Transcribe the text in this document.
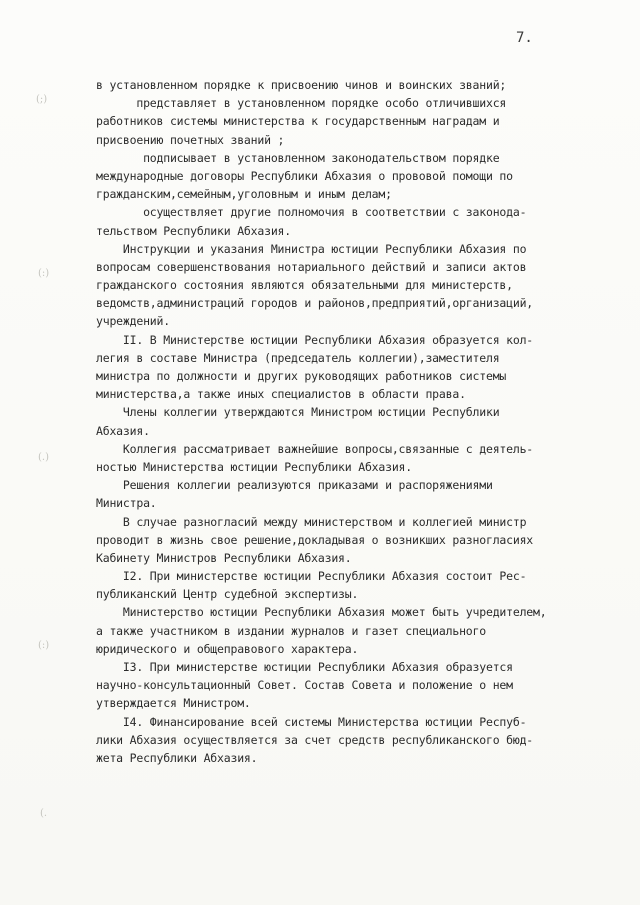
7.
(;)
(:)
(.)
(:)
(.
в установленном порядке к присвоению чинов и воинских званий;
представляет в установленном порядке особо отличившихся
работников системы министерства к государственным наградам и
присвоению почетных званий ;
подписывает в установленном законодательством порядке
международные договоры Республики Абхазия о прововой помощи по
гражданским,семейным,уголовным и иным делам;
осуществляет другие полномочия в соответствии с законода-
тельством Республики Абхазия.
Инструкции и указания Министра юстиции Республики Абхазия по
вопросам совершенствования нотариального действий и записи актов
гражданского состояния являются обязательными для министерств,
ведомств,администраций городов и районов,предприятий,организаций,
учреждений.
II. В Министерстве юстиции Республики Абхазия образуется кол-
легия в составе Министра (председатель коллегии),заместителя
министра по должности и других руководящих работников системы
министерства,а также иных специалистов в области права.
Члены коллегии утверждаются Министром юстиции Республики
Абхазия.
Коллегия рассматривает важнейшие вопросы,связанные с деятель-
ностью Министерства юстиции Республики Абхазия.
Решения коллегии реализуются приказами и распоряжениями
Министра.
В случае разногласий между министерством и коллегией министр
проводит в жизнь свое решение,докладывая о возникших разногласиях
Кабинету Министров Республики Абхазия.
I2. При министерстве юстиции Республики Абхазия состоит Рес-
публиканский Центр судебной экспертизы.
Министерство юстиции Республики Абхазия может быть учредителем,
а также участником в издании журналов и газет специального
юридического и общеправового характера.
I3. При министерстве юстиции Республики Абхазия образуется
научно-консультационный Совет. Состав Совета и положение о нем
утверждается Министром.
I4. Финансирование всей системы Министерства юстиции Респуб-
лики Абхазия осуществляется за счет средств республиканского бюд-
жета Республики Абхазия.
